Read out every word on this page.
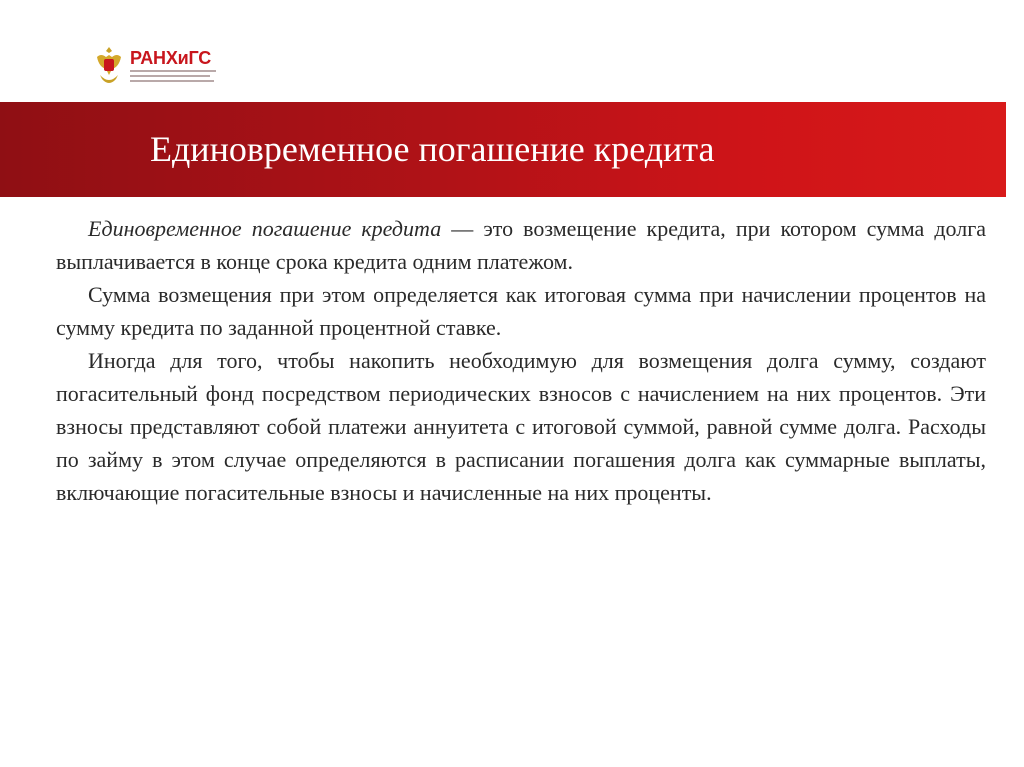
РАНХиГС
Единовременное погашение кредита

Единовременное погашение кредита — это возмещение кредита, при котором сумма долга выплачивается в конце срока кредита одним платежом.

Сумма возмещения при этом определяется как итоговая сумма при начислении процентов на сумму кредита по заданной процентной ставке.

Иногда для того, чтобы накопить необходимую для возмещения долга сумму, создают погасительный фонд посредством периодических взносов с начислением на них процентов. Эти взносы представляют собой платежи аннуитета с итоговой суммой, равной сумме долга. Расходы по займу в этом случае определяются в расписании погашения долга как суммарные выплаты, включающие погасительные взносы и начисленные на них проценты.
